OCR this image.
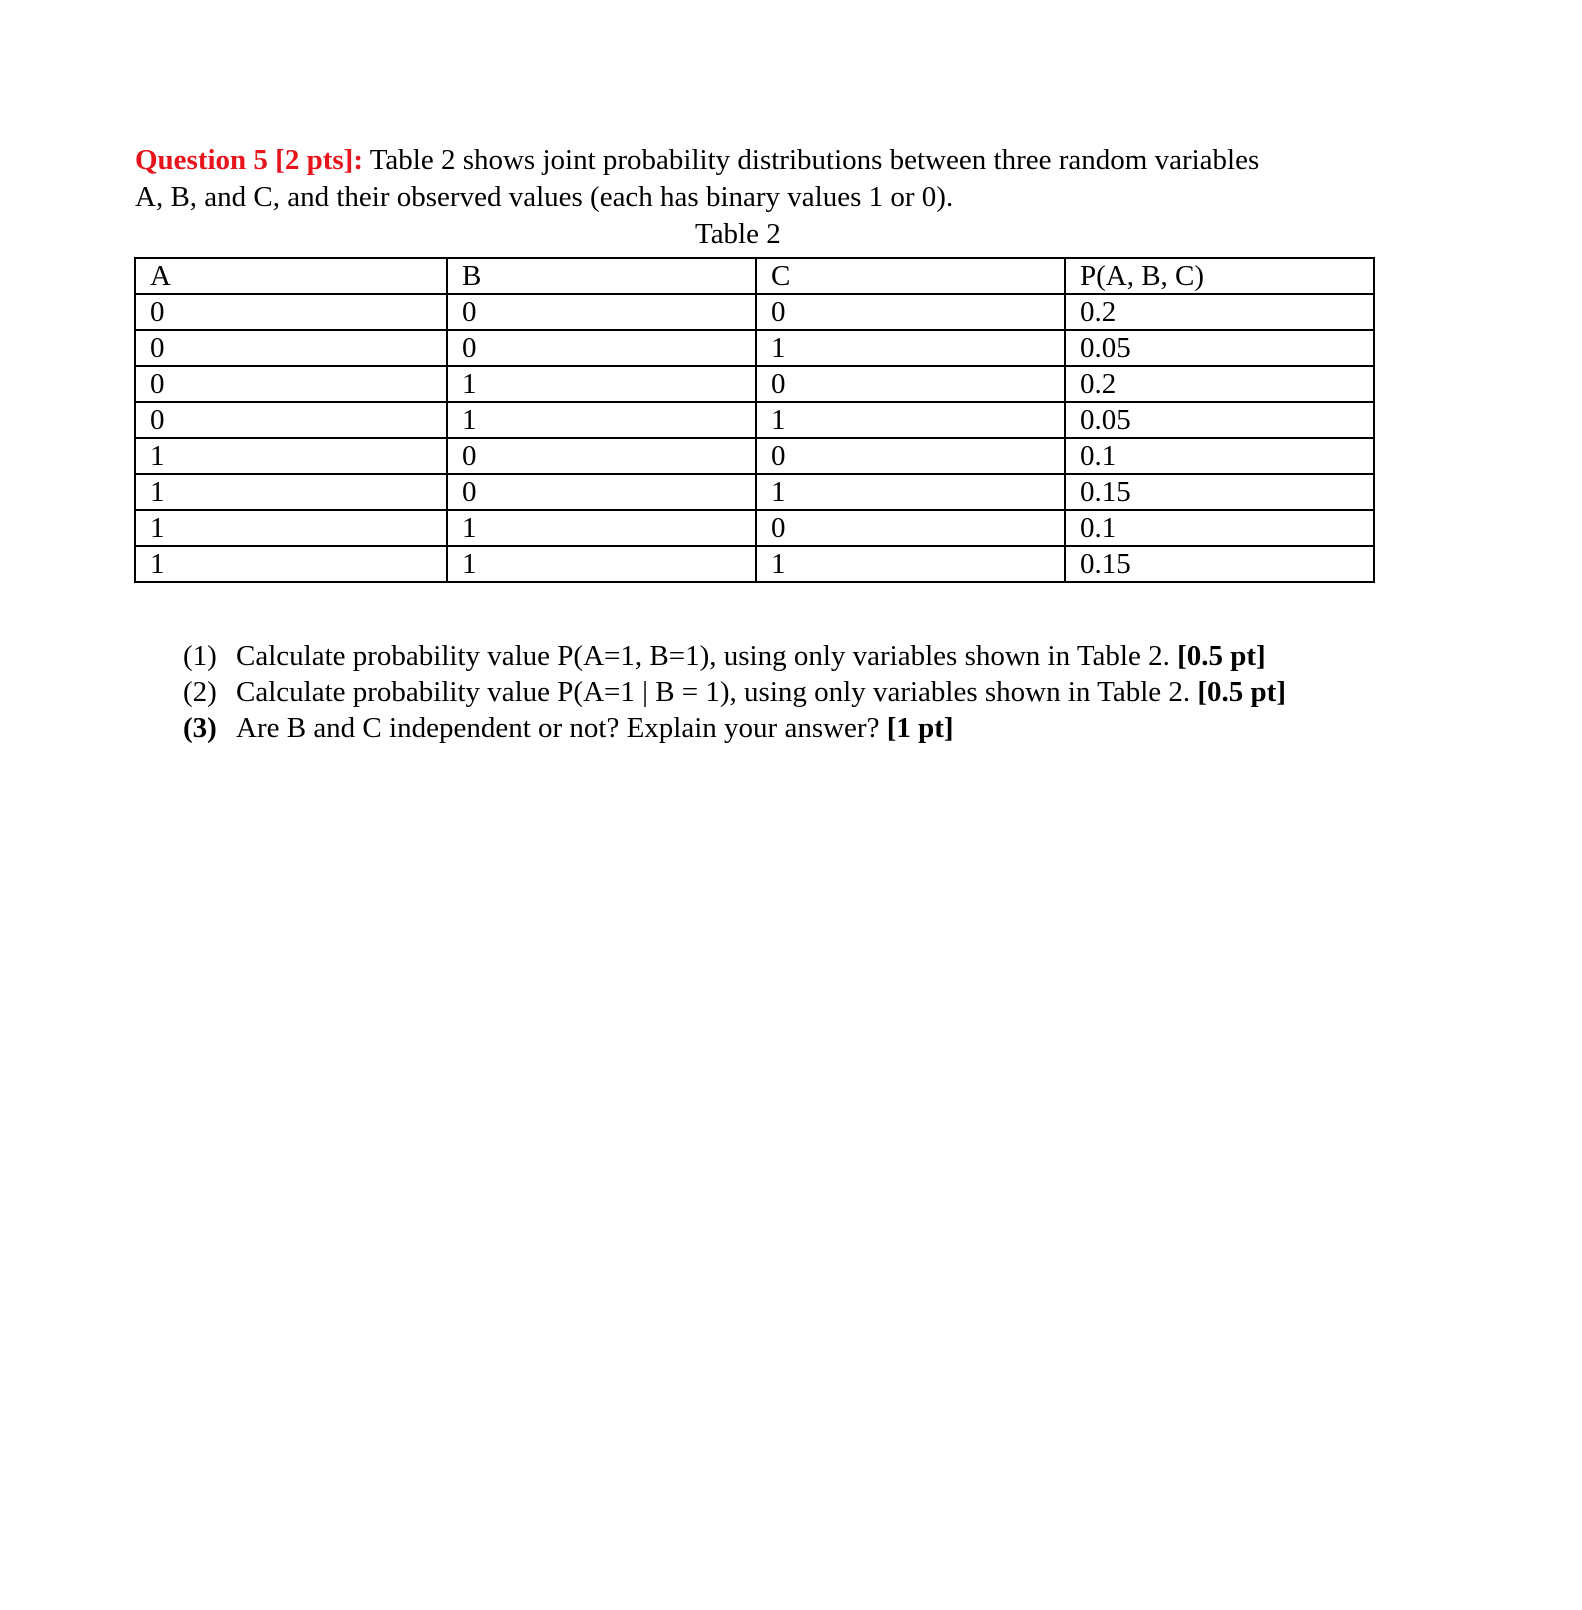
Question 5 [2 pts]: Table 2 shows joint probability distributions between three random variables
A, B, and C, and their observed values (each has binary values 1 or 0).

Table 2
A	B	C	P(A, B, C)
0	0	0	0.2
0	0	1	0.05
0	1	0	0.2
0	1	1	0.05
1	0	0	0.1
1	0	1	0.15
1	1	0	0.1
1	1	1	0.15
(1) Calculate probability value P(A=1, B=1), using only variables shown in Table 2. [0.5 pt]
(2) Calculate probability value P(A=1 | B = 1), using only variables shown in Table 2. [0.5 pt]
(3) Are B and C independent or not? Explain your answer? [1 pt]
